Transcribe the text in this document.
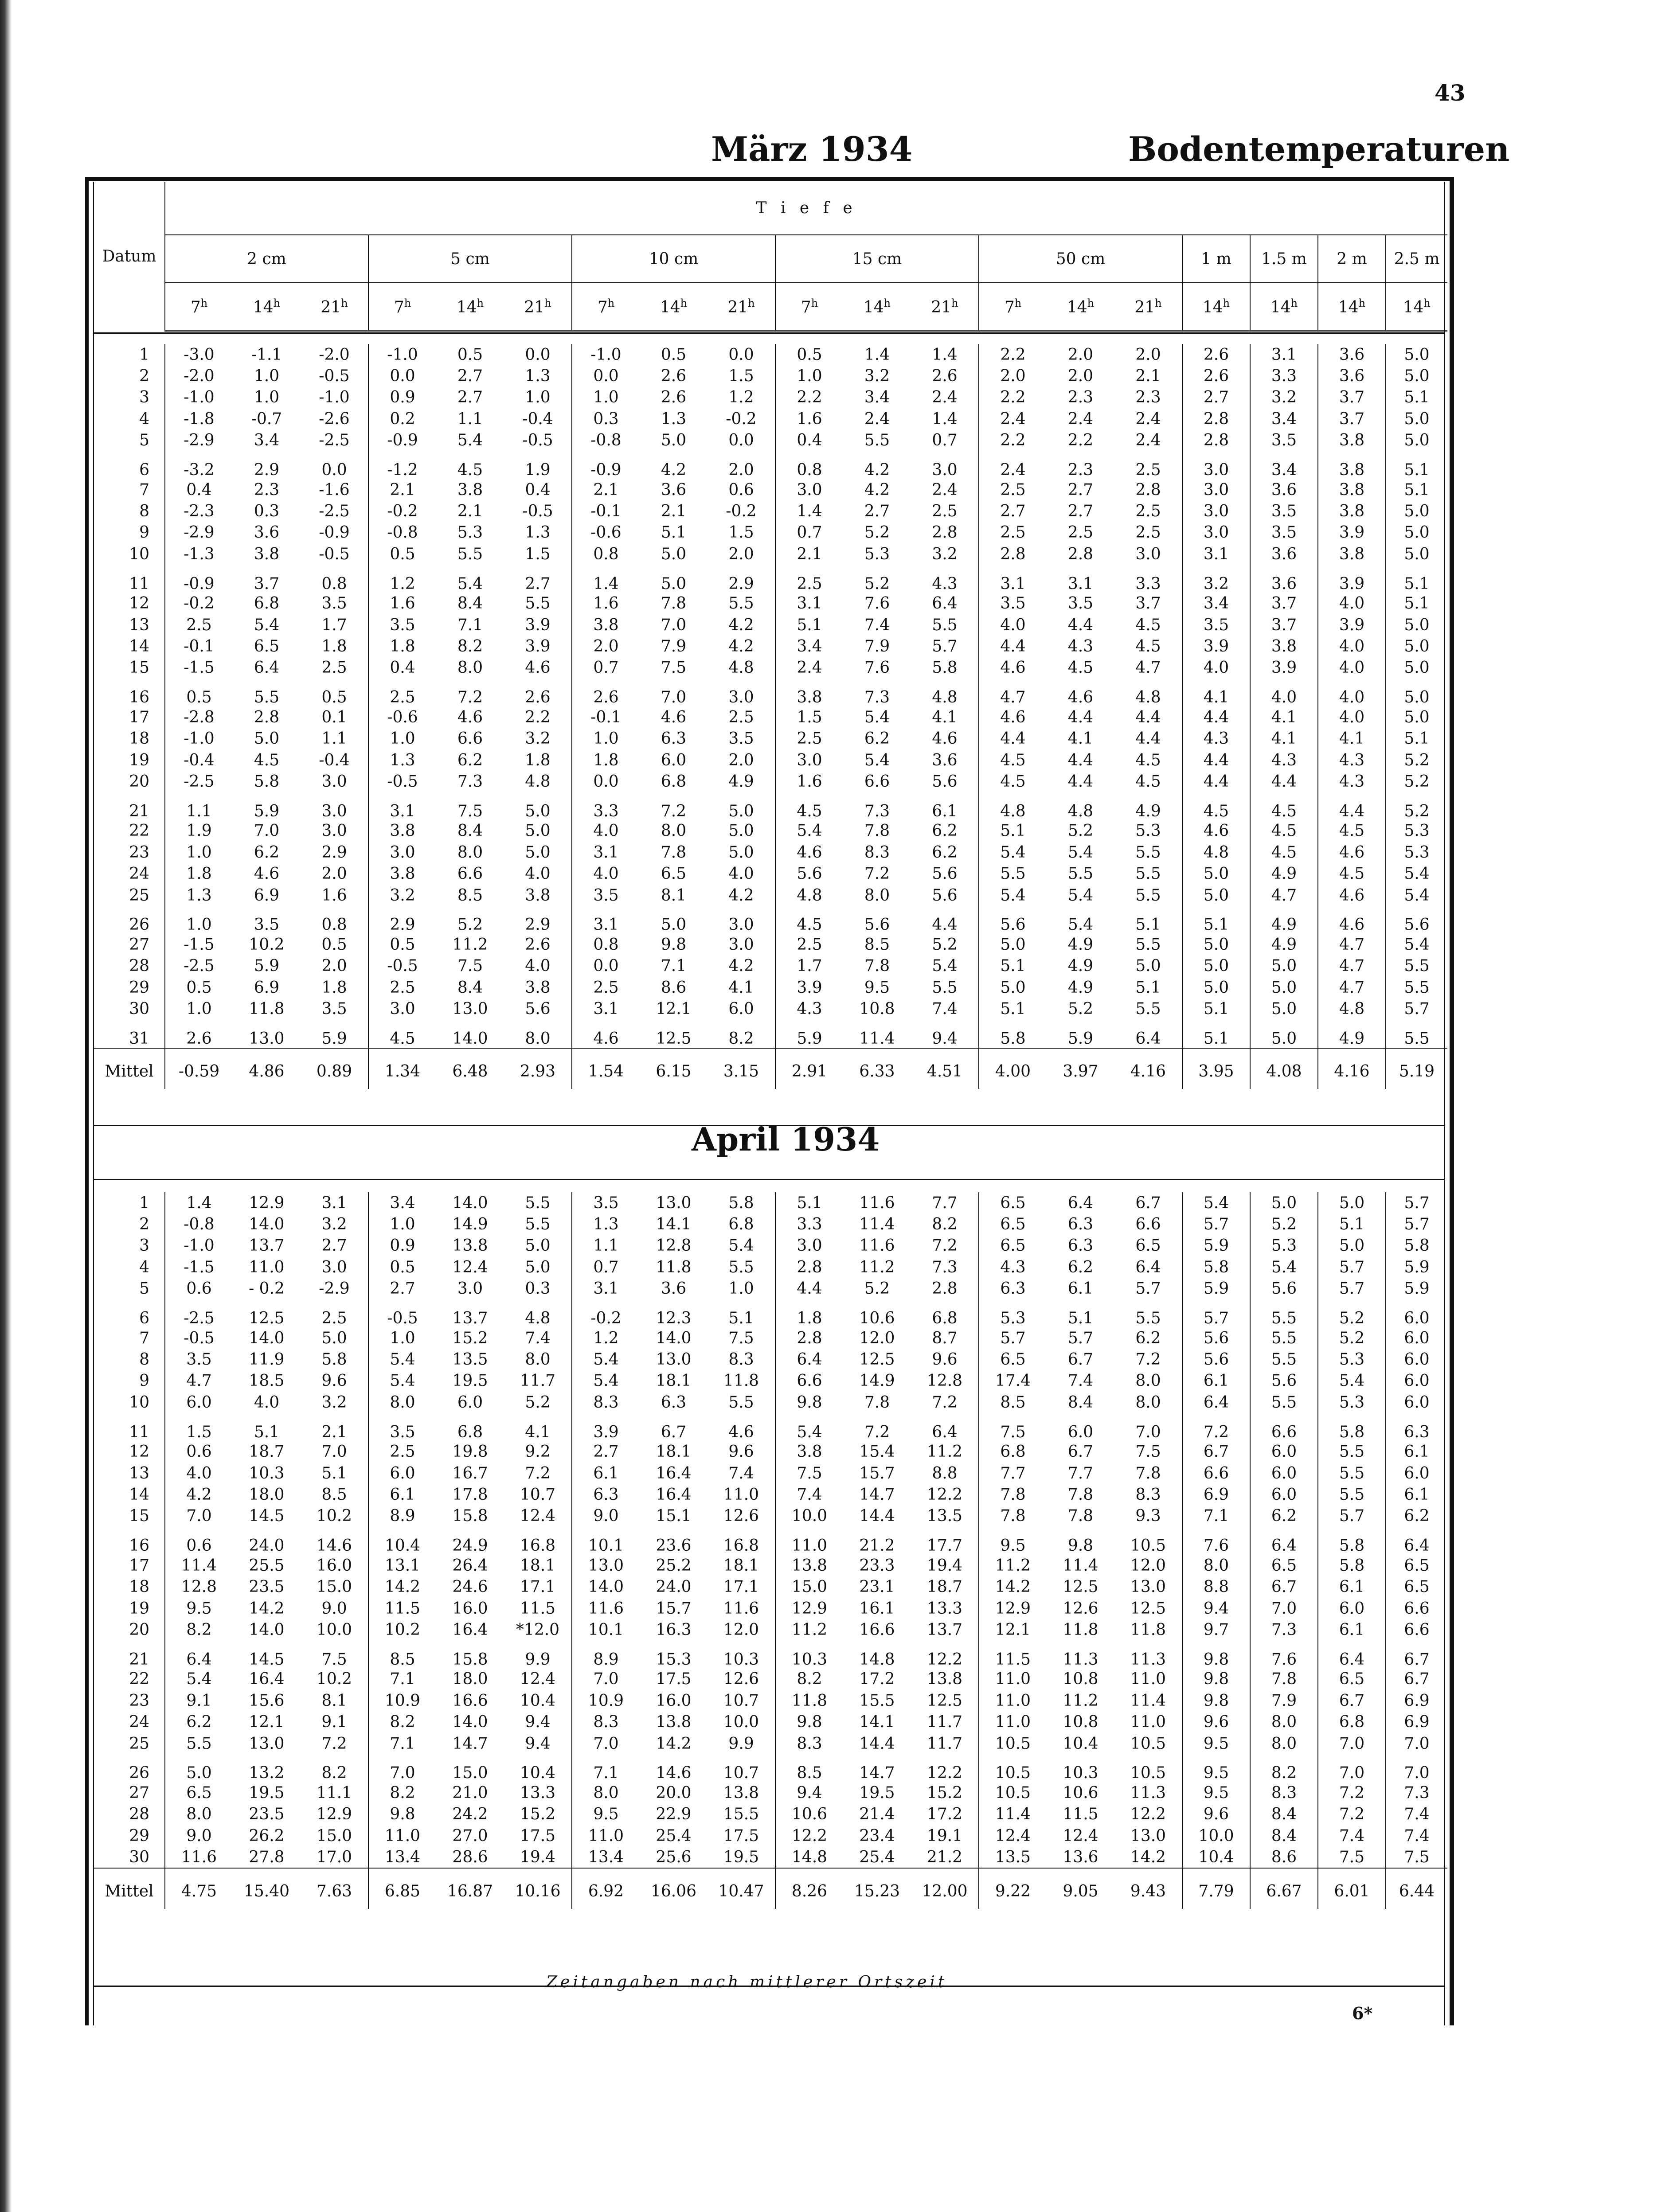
43
März 1934	Bodentemperaturen
Datum	T i e f e																		
	2 cm			5 cm			10 cm			15 cm			50 cm			1 m	1.5 m	2 m	2.5 m
	7$^h$	14$^h$	21$^h$	7$^h$	14$^h$	21$^h$	7$^h$	14$^h$	21$^h$	7$^h$	14$^h$	21$^h$	7$^h$	14$^h$	21$^h$	14$^h$	14$^h$	14$^h$	14$^h$
1	-3.0	-1.1	-2.0	-1.0	0.5	0.0	-1.0	0.5	0.0	0.5	1.4	1.4	2.2	2.0	2.0	2.6	3.1	3.6	5.0
2	-2.0	1.0	-0.5	0.0	2.7	1.3	0.0	2.6	1.5	1.0	3.2	2.6	2.0	2.0	2.1	2.6	3.3	3.6	5.0
3	-1.0	1.0	-1.0	0.9	2.7	1.0	1.0	2.6	1.2	2.2	3.4	2.4	2.2	2.3	2.3	2.7	3.2	3.7	5.1
4	-1.8	-0.7	-2.6	0.2	1.1	-0.4	0.3	1.3	-0.2	1.6	2.4	1.4	2.4	2.4	2.4	2.8	3.4	3.7	5.0
5	-2.9	3.4	-2.5	-0.9	5.4	-0.5	-0.8	5.0	0.0	0.4	5.5	0.7	2.2	2.2	2.4	2.8	3.5	3.8	5.0
6	-3.2	2.9	0.0	-1.2	4.5	1.9	-0.9	4.2	2.0	0.8	4.2	3.0	2.4	2.3	2.5	3.0	3.4	3.8	5.1
7	0.4	2.3	-1.6	2.1	3.8	0.4	2.1	3.6	0.6	3.0	4.2	2.4	2.5	2.7	2.8	3.0	3.6	3.8	5.1
8	-2.3	0.3	-2.5	-0.2	2.1	-0.5	-0.1	2.1	-0.2	1.4	2.7	2.5	2.7	2.7	2.5	3.0	3.5	3.8	5.0
9	-2.9	3.6	-0.9	-0.8	5.3	1.3	-0.6	5.1	1.5	0.7	5.2	2.8	2.5	2.5	2.5	3.0	3.5	3.9	5.0
10	-1.3	3.8	-0.5	0.5	5.5	1.5	0.8	5.0	2.0	2.1	5.3	3.2	2.8	2.8	3.0	3.1	3.6	3.8	5.0
11	-0.9	3.7	0.8	1.2	5.4	2.7	1.4	5.0	2.9	2.5	5.2	4.3	3.1	3.1	3.3	3.2	3.6	3.9	5.1
12	-0.2	6.8	3.5	1.6	8.4	5.5	1.6	7.8	5.5	3.1	7.6	6.4	3.5	3.5	3.7	3.4	3.7	4.0	5.1
13	2.5	5.4	1.7	3.5	7.1	3.9	3.8	7.0	4.2	5.1	7.4	5.5	4.0	4.4	4.5	3.5	3.7	3.9	5.0
14	-0.1	6.5	1.8	1.8	8.2	3.9	2.0	7.9	4.2	3.4	7.9	5.7	4.4	4.3	4.5	3.9	3.8	4.0	5.0
15	-1.5	6.4	2.5	0.4	8.0	4.6	0.7	7.5	4.8	2.4	7.6	5.8	4.6	4.5	4.7	4.0	3.9	4.0	5.0
16	0.5	5.5	0.5	2.5	7.2	2.6	2.6	7.0	3.0	3.8	7.3	4.8	4.7	4.6	4.8	4.1	4.0	4.0	5.0
17	-2.8	2.8	0.1	-0.6	4.6	2.2	-0.1	4.6	2.5	1.5	5.4	4.1	4.6	4.4	4.4	4.4	4.1	4.0	5.0
18	-1.0	5.0	1.1	1.0	6.6	3.2	1.0	6.3	3.5	2.5	6.2	4.6	4.4	4.1	4.4	4.3	4.1	4.1	5.1
19	-0.4	4.5	-0.4	1.3	6.2	1.8	1.8	6.0	2.0	3.0	5.4	3.6	4.5	4.4	4.5	4.4	4.3	4.3	5.2
20	-2.5	5.8	3.0	-0.5	7.3	4.8	0.0	6.8	4.9	1.6	6.6	5.6	4.5	4.4	4.5	4.4	4.4	4.3	5.2
21	1.1	5.9	3.0	3.1	7.5	5.0	3.3	7.2	5.0	4.5	7.3	6.1	4.8	4.8	4.9	4.5	4.5	4.4	5.2
22	1.9	7.0	3.0	3.8	8.4	5.0	4.0	8.0	5.0	5.4	7.8	6.2	5.1	5.2	5.3	4.6	4.5	4.5	5.3
23	1.0	6.2	2.9	3.0	8.0	5.0	3.1	7.8	5.0	4.6	8.3	6.2	5.4	5.4	5.5	4.8	4.5	4.6	5.3
24	1.8	4.6	2.0	3.8	6.6	4.0	4.0	6.5	4.0	5.6	7.2	5.6	5.5	5.5	5.5	5.0	4.9	4.5	5.4
25	1.3	6.9	1.6	3.2	8.5	3.8	3.5	8.1	4.2	4.8	8.0	5.6	5.4	5.4	5.5	5.0	4.7	4.6	5.4
26	1.0	3.5	0.8	2.9	5.2	2.9	3.1	5.0	3.0	4.5	5.6	4.4	5.6	5.4	5.1	5.1	4.9	4.6	5.6
27	-1.5	10.2	0.5	0.5	11.2	2.6	0.8	9.8	3.0	2.5	8.5	5.2	5.0	4.9	5.5	5.0	4.9	4.7	5.4
28	-2.5	5.9	2.0	-0.5	7.5	4.0	0.0	7.1	4.2	1.7	7.8	5.4	5.1	4.9	5.0	5.0	5.0	4.7	5.5
29	0.5	6.9	1.8	2.5	8.4	3.8	2.5	8.6	4.1	3.9	9.5	5.5	5.0	4.9	5.1	5.0	5.0	4.7	5.5
30	1.0	11.8	3.5	3.0	13.0	5.6	3.1	12.1	6.0	4.3	10.8	7.4	5.1	5.2	5.5	5.1	5.0	4.8	5.7
31	2.6	13.0	5.9	4.5	14.0	8.0	4.6	12.5	8.2	5.9	11.4	9.4	5.8	5.9	6.4	5.1	5.0	4.9	5.5
Mittel	-0.59	4.86	0.89	1.34	6.48	2.93	1.54	6.15	3.15	2.91	6.33	4.51	4.00	3.97	4.16	3.95	4.08	4.16	5.19
April 1934
1	1.4	12.9	3.1	3.4	14.0	5.5	3.5	13.0	5.8	5.1	11.6	7.7	6.5	6.4	6.7	5.4	5.0	5.0	5.7
2	-0.8	14.0	3.2	1.0	14.9	5.5	1.3	14.1	6.8	3.3	11.4	8.2	6.5	6.3	6.6	5.7	5.2	5.1	5.7
3	-1.0	13.7	2.7	0.9	13.8	5.0	1.1	12.8	5.4	3.0	11.6	7.2	6.5	6.3	6.5	5.9	5.3	5.0	5.8
4	-1.5	11.0	3.0	0.5	12.4	5.0	0.7	11.8	5.5	2.8	11.2	7.3	4.3	6.2	6.4	5.8	5.4	5.7	5.9
5	0.6	- 0.2	-2.9	2.7	3.0	0.3	3.1	3.6	1.0	4.4	5.2	2.8	6.3	6.1	5.7	5.9	5.6	5.7	5.9
6	-2.5	12.5	2.5	-0.5	13.7	4.8	-0.2	12.3	5.1	1.8	10.6	6.8	5.3	5.1	5.5	5.7	5.5	5.2	6.0
7	-0.5	14.0	5.0	1.0	15.2	7.4	1.2	14.0	7.5	2.8	12.0	8.7	5.7	5.7	6.2	5.6	5.5	5.2	6.0
8	3.5	11.9	5.8	5.4	13.5	8.0	5.4	13.0	8.3	6.4	12.5	9.6	6.5	6.7	7.2	5.6	5.5	5.3	6.0
9	4.7	18.5	9.6	5.4	19.5	11.7	5.4	18.1	11.8	6.6	14.9	12.8	17.4	7.4	8.0	6.1	5.6	5.4	6.0
10	6.0	4.0	3.2	8.0	6.0	5.2	8.3	6.3	5.5	9.8	7.8	7.2	8.5	8.4	8.0	6.4	5.5	5.3	6.0
11	1.5	5.1	2.1	3.5	6.8	4.1	3.9	6.7	4.6	5.4	7.2	6.4	7.5	6.0	7.0	7.2	6.6	5.8	6.3
12	0.6	18.7	7.0	2.5	19.8	9.2	2.7	18.1	9.6	3.8	15.4	11.2	6.8	6.7	7.5	6.7	6.0	5.5	6.1
13	4.0	10.3	5.1	6.0	16.7	7.2	6.1	16.4	7.4	7.5	15.7	8.8	7.7	7.7	7.8	6.6	6.0	5.5	6.0
14	4.2	18.0	8.5	6.1	17.8	10.7	6.3	16.4	11.0	7.4	14.7	12.2	7.8	7.8	8.3	6.9	6.0	5.5	6.1
15	7.0	14.5	10.2	8.9	15.8	12.4	9.0	15.1	12.6	10.0	14.4	13.5	7.8	7.8	9.3	7.1	6.2	5.7	6.2
16	0.6	24.0	14.6	10.4	24.9	16.8	10.1	23.6	16.8	11.0	21.2	17.7	9.5	9.8	10.5	7.6	6.4	5.8	6.4
17	11.4	25.5	16.0	13.1	26.4	18.1	13.0	25.2	18.1	13.8	23.3	19.4	11.2	11.4	12.0	8.0	6.5	5.8	6.5
18	12.8	23.5	15.0	14.2	24.6	17.1	14.0	24.0	17.1	15.0	23.1	18.7	14.2	12.5	13.0	8.8	6.7	6.1	6.5
19	9.5	14.2	9.0	11.5	16.0	11.5	11.6	15.7	11.6	12.9	16.1	13.3	12.9	12.6	12.5	9.4	7.0	6.0	6.6
20	8.2	14.0	10.0	10.2	16.4	*12.0	10.1	16.3	12.0	11.2	16.6	13.7	12.1	11.8	11.8	9.7	7.3	6.1	6.6
21	6.4	14.5	7.5	8.5	15.8	9.9	8.9	15.3	10.3	10.3	14.8	12.2	11.5	11.3	11.3	9.8	7.6	6.4	6.7
22	5.4	16.4	10.2	7.1	18.0	12.4	7.0	17.5	12.6	8.2	17.2	13.8	11.0	10.8	11.0	9.8	7.8	6.5	6.7
23	9.1	15.6	8.1	10.9	16.6	10.4	10.9	16.0	10.7	11.8	15.5	12.5	11.0	11.2	11.4	9.8	7.9	6.7	6.9
24	6.2	12.1	9.1	8.2	14.0	9.4	8.3	13.8	10.0	9.8	14.1	11.7	11.0	10.8	11.0	9.6	8.0	6.8	6.9
25	5.5	13.0	7.2	7.1	14.7	9.4	7.0	14.2	9.9	8.3	14.4	11.7	10.5	10.4	10.5	9.5	8.0	7.0	7.0
26	5.0	13.2	8.2	7.0	15.0	10.4	7.1	14.6	10.7	8.5	14.7	12.2	10.5	10.3	10.5	9.5	8.2	7.0	7.0
27	6.5	19.5	11.1	8.2	21.0	13.3	8.0	20.0	13.8	9.4	19.5	15.2	10.5	10.6	11.3	9.5	8.3	7.2	7.3
28	8.0	23.5	12.9	9.8	24.2	15.2	9.5	22.9	15.5	10.6	21.4	17.2	11.4	11.5	12.2	9.6	8.4	7.2	7.4
29	9.0	26.2	15.0	11.0	27.0	17.5	11.0	25.4	17.5	12.2	23.4	19.1	12.4	12.4	13.0	10.0	8.4	7.4	7.4
30	11.6	27.8	17.0	13.4	28.6	19.4	13.4	25.6	19.5	14.8	25.4	21.2	13.5	13.6	14.2	10.4	8.6	7.5	7.5
Mittel	4.75	15.40	7.63	6.85	16.87	10.16	6.92	16.06	10.47	8.26	15.23	12.00	9.22	9.05	9.43	7.79	6.67	6.01	6.44
Zeitangaben nach mittlerer Ortszeit
6*
